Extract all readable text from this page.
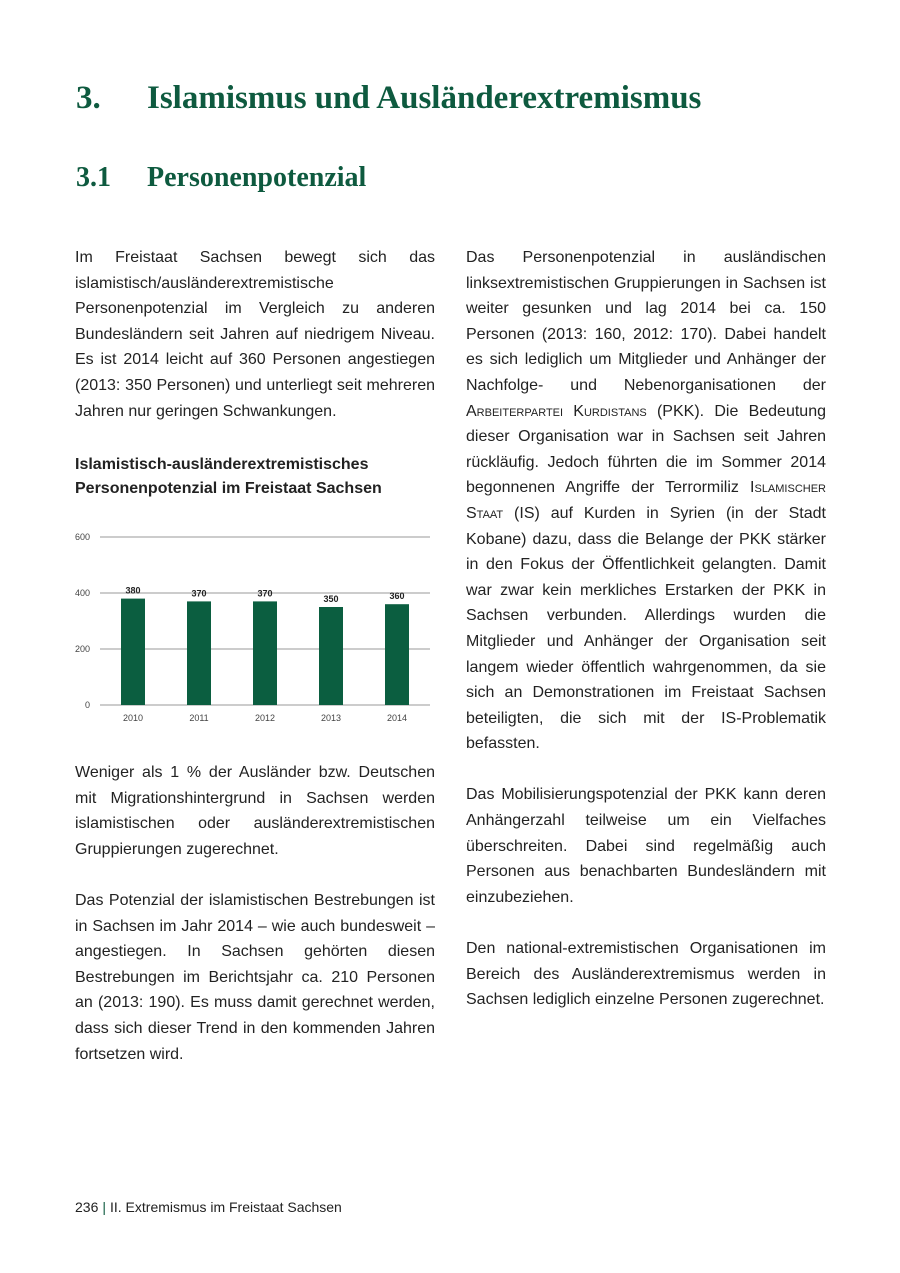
3. Islamismus und Ausländerextremismus
3.1 Personenpotenzial

Im Freistaat Sachsen bewegt sich das islamistisch/ausländerextremistische Personenpotenzial im Vergleich zu anderen Bundesländern seit Jahren auf niedrigem Niveau. Es ist 2014 leicht auf 360 Personen angestiegen (2013: 350 Personen) und unterliegt seit mehreren Jahren nur geringen Schwankungen.

Islamistisch-ausländerextremistisches
Personenpotenzial im Freistaat Sachsen
0
200
400
600
380
2010
370
2011
370
2012
350
2013
360
2014

Weniger als 1 % der Ausländer bzw. Deutschen mit Migrationshintergrund in Sachsen werden islamistischen oder ausländerextremistischen Gruppierungen zugerechnet.

Das Potenzial der islamistischen Bestrebungen ist in Sachsen im Jahr 2014 – wie auch bundesweit – angestiegen. In Sachsen gehörten diesen Bestrebungen im Berichtsjahr ca. 210 Personen an (2013: 190). Es muss damit gerechnet werden, dass sich dieser Trend in den kommenden Jahren fortsetzen wird.

Das Personenpotenzial in ausländischen linksextremistischen Gruppierungen in Sachsen ist weiter gesunken und lag 2014 bei ca. 150 Personen (2013: 160, 2012: 170). Dabei handelt es sich lediglich um Mitglieder und Anhänger der Nachfolge- und Nebenorganisationen der Arbeiterpartei Kurdistans (PKK). Die Bedeutung dieser Organisation war in Sachsen seit Jahren rückläufig. Jedoch führten die im Sommer 2014 begonnenen Angriffe der Terrormiliz Islamischer Staat (IS) auf Kurden in Syrien (in der Stadt Kobane) dazu, dass die Belange der PKK stärker in den Fokus der Öffentlichkeit gelangten. Damit war zwar kein merkliches Erstarken der PKK in Sachsen verbunden. Allerdings wurden die Mitglieder und Anhänger der Organisation seit langem wieder öffentlich wahrgenommen, da sie sich an Demonstrationen im Freistaat Sachsen beteiligten, die sich mit der IS-Problematik befassten.

Das Mobilisierungspotenzial der PKK kann deren Anhängerzahl teilweise um ein Vielfaches überschreiten. Dabei sind regelmäßig auch Personen aus benachbarten Bundesländern mit einzubeziehen.

Den national-extremistischen Organisationen im Bereich des Ausländerextremismus werden in Sachsen lediglich einzelne Personen zugerechnet.

236 | II. Extremismus im Freistaat Sachsen
